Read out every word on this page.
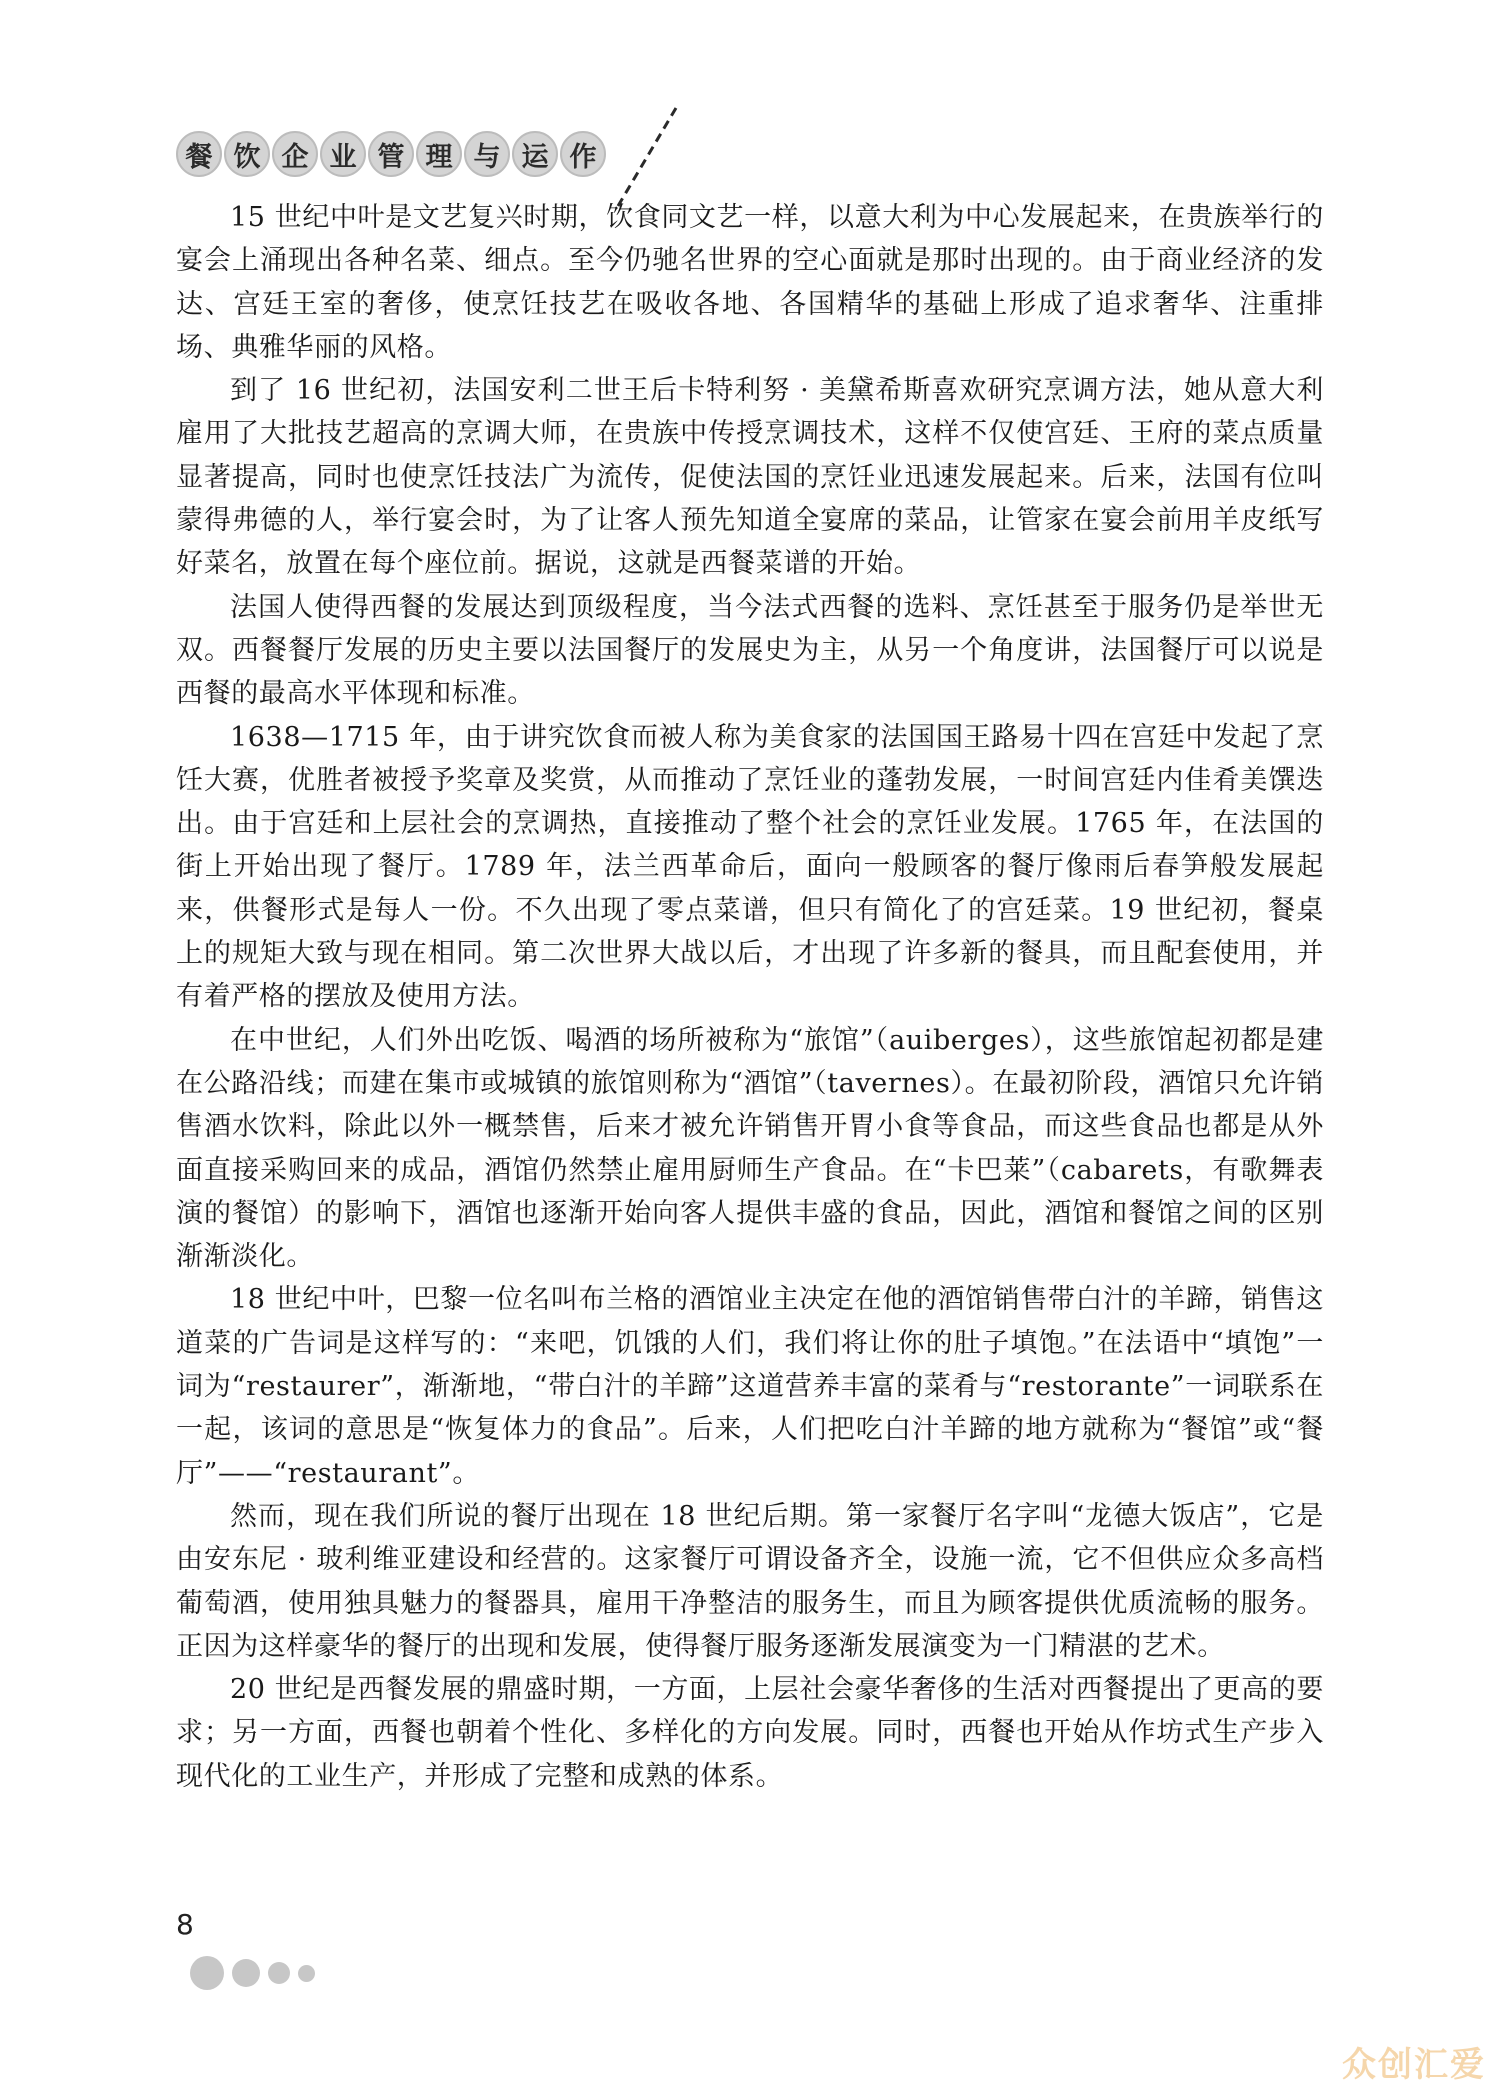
餐 饮 企 业 管 理 与 运 作

15 世纪中叶是文艺复兴时期，饮食同文艺一样，以意大利为中心发展起来，在贵族举行的宴会上涌现出各种名菜、细点。至今仍驰名世界的空心面就是那时出现的。由于商业经济的发达、宫廷王室的奢侈，使烹饪技艺在吸收各地、各国精华的基础上形成了追求奢华、注重排场、典雅华丽的风格。

到了 16 世纪初，法国安利二世王后卡特利努 · 美黛希斯喜欢研究烹调方法，她从意大利雇用了大批技艺超高的烹调大师，在贵族中传授烹调技术，这样不仅使宫廷、王府的菜点质量显著提高，同时也使烹饪技法广为流传，促使法国的烹饪业迅速发展起来。后来，法国有位叫蒙得弗德的人，举行宴会时，为了让客人预先知道全宴席的菜品，让管家在宴会前用羊皮纸写好菜名，放置在每个座位前。据说，这就是西餐菜谱的开始。

法国人使得西餐的发展达到顶级程度，当今法式西餐的选料、烹饪甚至于服务仍是举世无双。西餐餐厅发展的历史主要以法国餐厅的发展史为主，从另一个角度讲，法国餐厅可以说是西餐的最高水平体现和标准。

1638—1715 年，由于讲究饮食而被人称为美食家的法国国王路易十四在宫廷中发起了烹饪大赛，优胜者被授予奖章及奖赏，从而推动了烹饪业的蓬勃发展，一时间宫廷内佳肴美馔迭出。由于宫廷和上层社会的烹调热，直接推动了整个社会的烹饪业发展。1765 年，在法国的街上开始出现了餐厅。1789 年，法兰西革命后，面向一般顾客的餐厅像雨后春笋般发展起来，供餐形式是每人一份。不久出现了零点菜谱，但只有简化了的宫廷菜。19 世纪初，餐桌上的规矩大致与现在相同。第二次世界大战以后，才出现了许多新的餐具，而且配套使用，并有着严格的摆放及使用方法。

在中世纪，人们外出吃饭、喝酒的场所被称为“旅馆”（auiberges），这些旅馆起初都是建在公路沿线；而建在集市或城镇的旅馆则称为“酒馆”（tavernes）。在最初阶段，酒馆只允许销售酒水饮料，除此以外一概禁售，后来才被允许销售开胃小食等食品，而这些食品也都是从外面直接采购回来的成品，酒馆仍然禁止雇用厨师生产食品。在“卡巴莱”（cabarets，有歌舞表演的餐馆）的影响下，酒馆也逐渐开始向客人提供丰盛的食品，因此，酒馆和餐馆之间的区别渐渐淡化。

18 世纪中叶，巴黎一位名叫布兰格的酒馆业主决定在他的酒馆销售带白汁的羊蹄，销售这道菜的广告词是这样写的：“来吧，饥饿的人们，我们将让你的肚子填饱。”在法语中“填饱”一词为“restaurer”，渐渐地，“带白汁的羊蹄”这道营养丰富的菜肴与“restorante”一词联系在一起，该词的意思是“恢复体力的食品”。后来，人们把吃白汁羊蹄的地方就称为“餐馆”或“餐厅”——“restaurant”。

然而，现在我们所说的餐厅出现在 18 世纪后期。第一家餐厅名字叫“龙德大饭店”，它是由安东尼 · 玻利维亚建设和经营的。这家餐厅可谓设备齐全，设施一流，它不但供应众多高档葡萄酒，使用独具魅力的餐器具，雇用干净整洁的服务生，而且为顾客提供优质流畅的服务。正因为这样豪华的餐厅的出现和发展，使得餐厅服务逐渐发展演变为一门精湛的艺术。

20 世纪是西餐发展的鼎盛时期，一方面，上层社会豪华奢侈的生活对西餐提出了更高的要求；另一方面，西餐也朝着个性化、多样化的方向发展。同时，西餐也开始从作坊式生产步入现代化的工业生产，并形成了完整和成熟的体系。

8
众创汇爱
